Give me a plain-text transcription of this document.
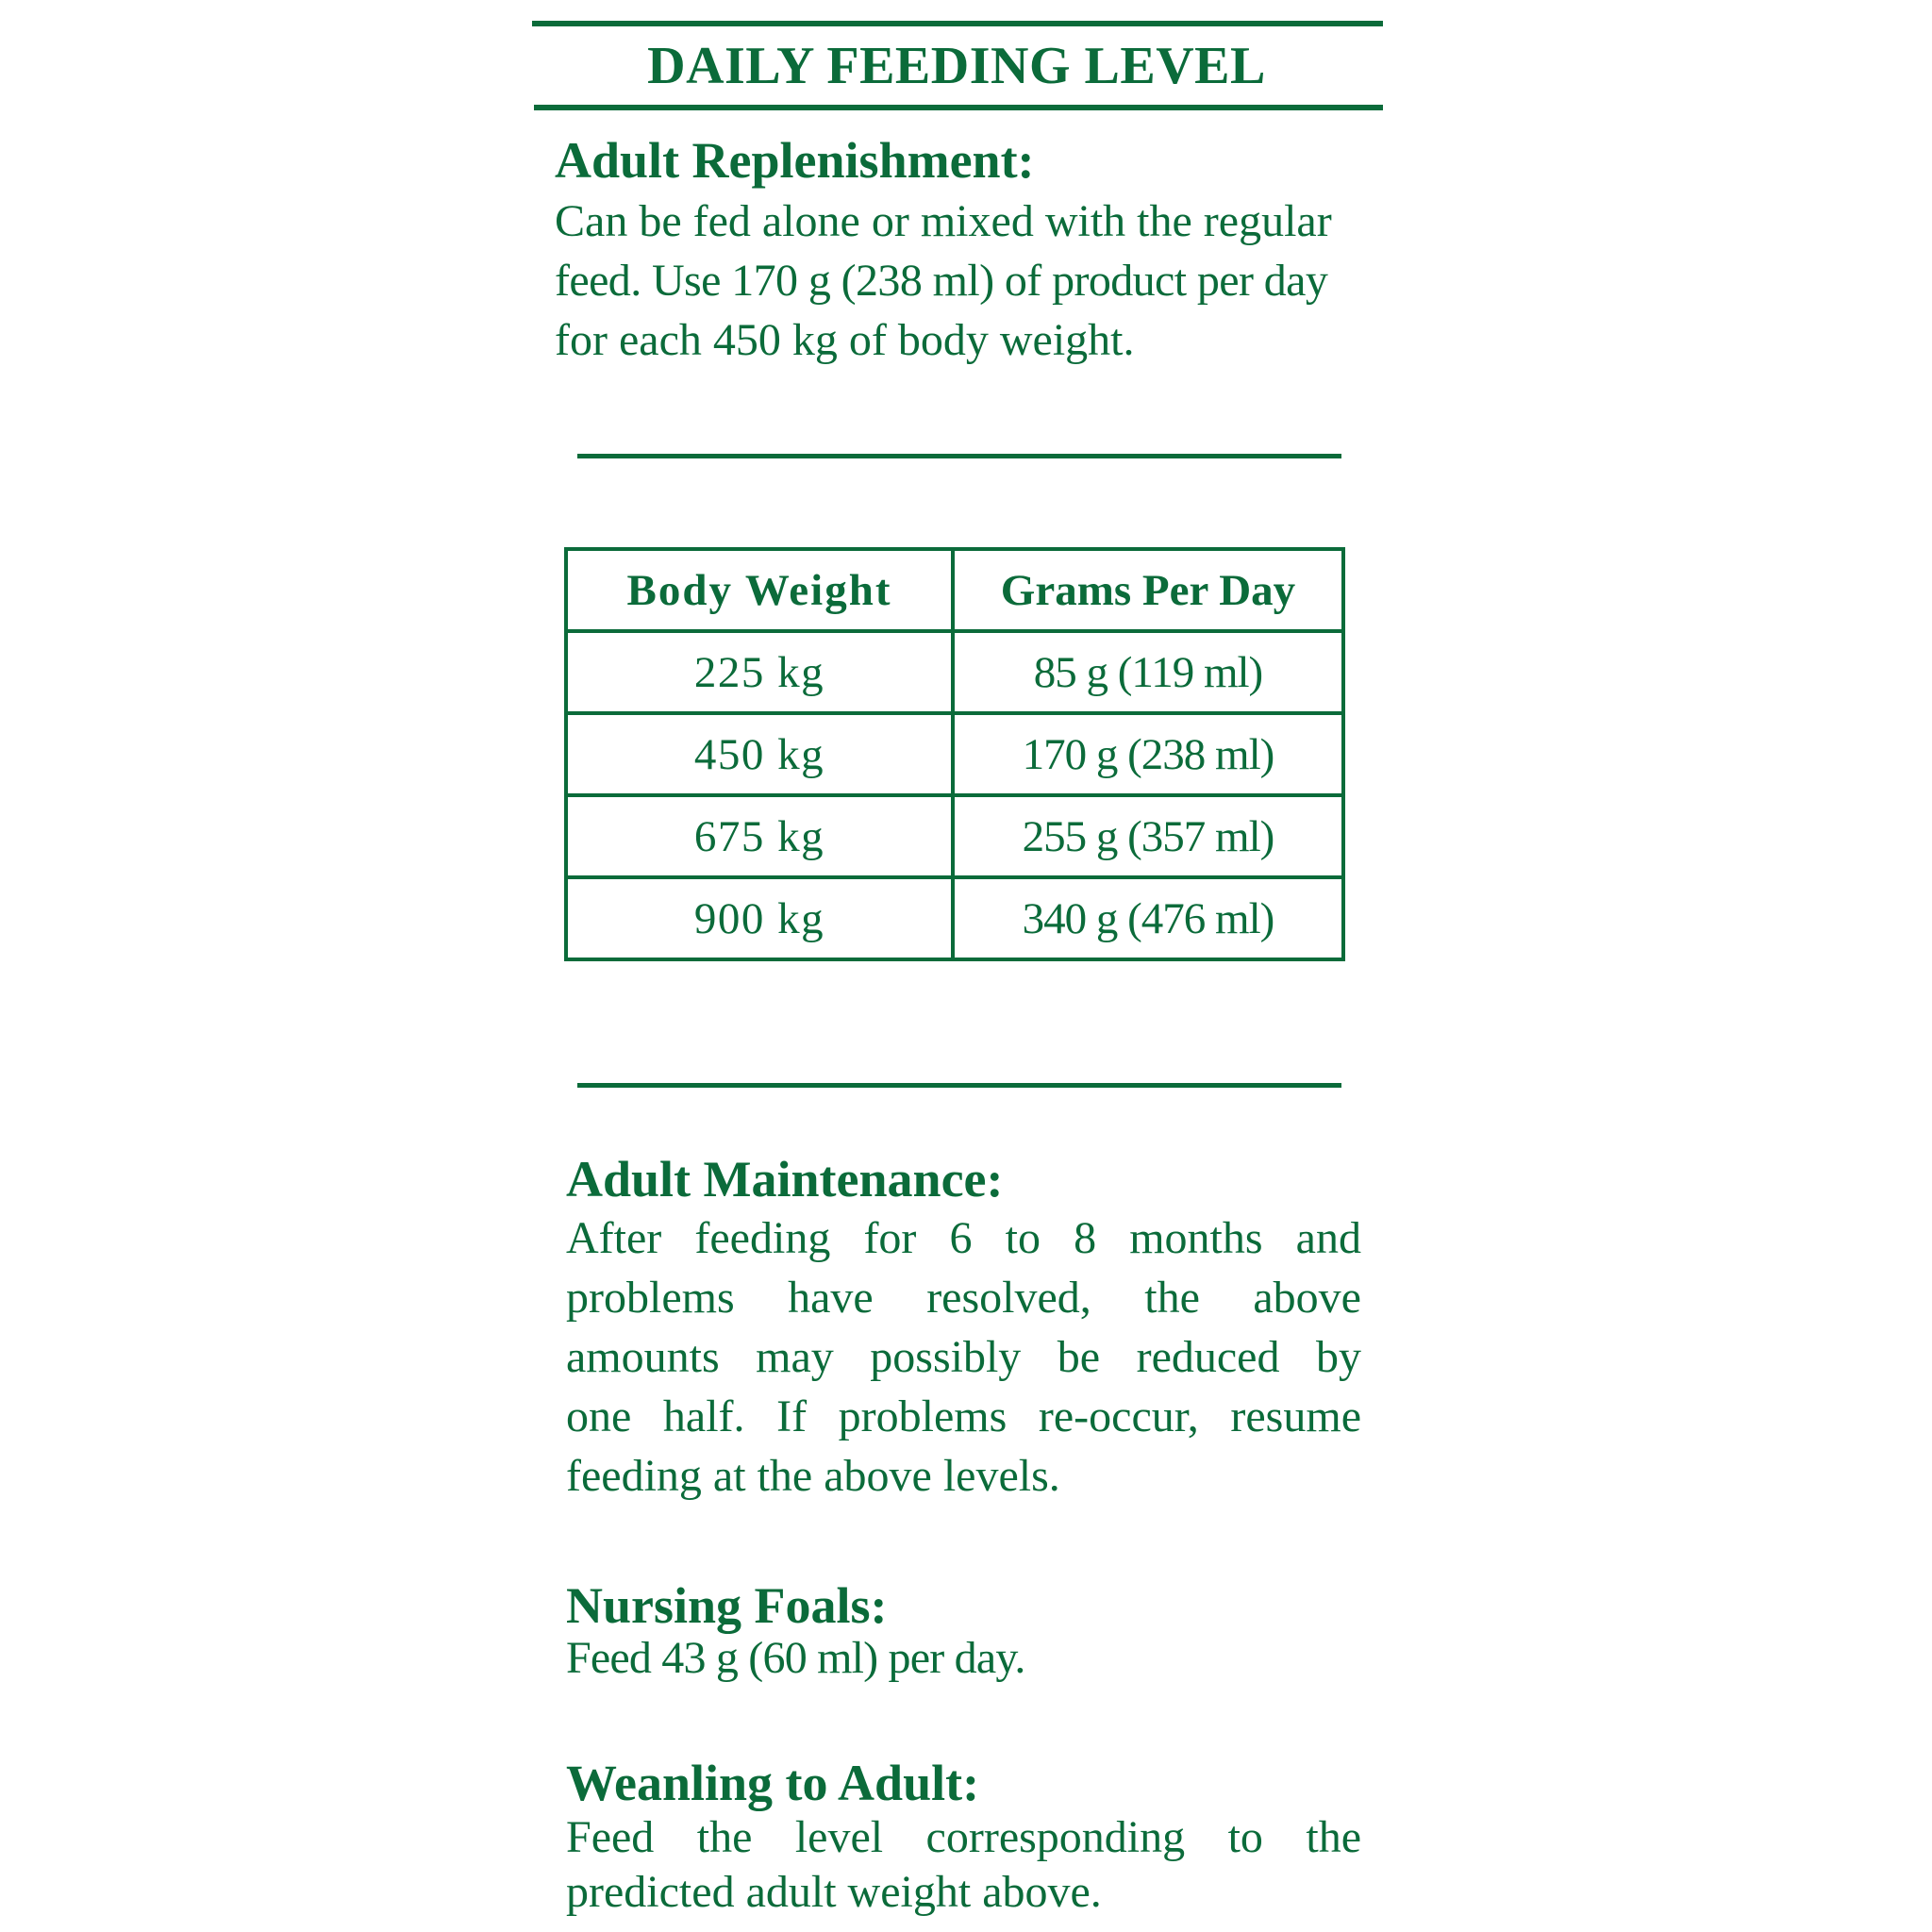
DAILY FEEDING LEVEL
Adult Replenishment:
Can be fed alone or mixed with the regular
feed. Use 170 g (238 ml) of product per day
for each 450 kg of body weight.
Body Weight	Grams Per Day
225 kg	85 g (119 ml)
450 kg	170 g (238 ml)
675 kg	255 g (357 ml)
900 kg	340 g (476 ml)
Adult Maintenance:
After feeding for 6 to 8 months and
problems have resolved, the above
amounts may possibly be reduced by
one half. If problems re-occur, resume
feeding at the above levels.
Nursing Foals:
Feed 43 g (60 ml) per day.
Weanling to Adult:
Feed the level corresponding to the
predicted adult weight above.
